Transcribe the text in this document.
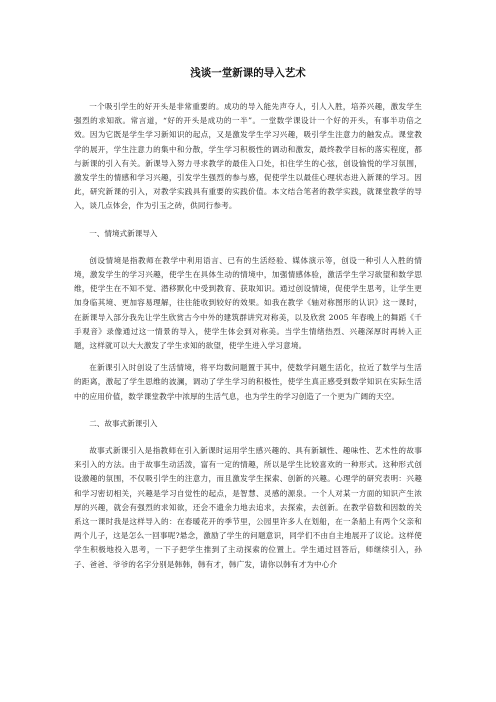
浅谈一堂新课的导入艺术

一个吸引学生的好开头是非常重要的。成功的导入能先声夺人，引人入胜，培养兴趣，激发学生强烈的求知欲。常言道，“好的开头是成功的一半”。一堂数学课设计一个好的开头，有事半功倍之效。因为它既是学生学习新知识的起点，又是激发学生学习兴趣，吸引学生注意力的触发点。课堂教学的展开，学生注意力的集中和分散，学生学习积极性的调动和激发，最终教学目标的落实程度，都与新课的引入有关。新课导入努力寻求教学的最佳入口处，扣住学生的心弦，创设愉悦的学习氛围，激发学生的情感和学习兴趣，引发学生强烈的参与感，促使学生以最佳心理状态进入新课的学习。因此，研究新课的引入，对教学实践具有重要的实践价值。本文结合笔者的教学实践，就课堂教学的导入，谈几点体会，作为引玉之砖，供同行参考。

一、情境式新课导入

创设情境是指教师在教学中利用语言、已有的生活经验、媒体演示等，创设一种引人入胜的情境，激发学生的学习兴趣，使学生在具体生动的情境中，加强情感体验，激活学生学习欲望和数学思维，使学生在不知不觉、潜移默化中受到教育、获取知识。通过创设情境，促使学生思考，让学生更加身临其境、更加容易理解，往往能收到较好的效果。如我在教学《轴对称图形的认识》这一课时，在新课导入部分我先让学生欣赏古今中外的建筑群讲究对称美，以及欣赏 2005 年春晚上的舞蹈《千手观音》录像通过这一情景的导入，使学生体会到对称美。当学生情绪热烈、兴趣深厚时再转入正题，这样就可以大大激发了学生求知的欲望，使学生进入学习意境。

在新课引入时创设了生活情境，将平均数问题置于其中，使数学问题生活化，拉近了数学与生活的距离，激起了学生思维的波澜，调动了学生学习的积极性，使学生真正感受到数学知识在实际生活中的应用价值，数学课堂教学中浓厚的生活气息，也为学生的学习创造了一个更为广阔的天空。

二、故事式新课引入

故事式新课引入是指教师在引入新课时运用学生感兴趣的、具有新颖性、趣味性、艺术性的故事来引入的方法。由于故事生动活泼，富有一定的情趣，所以是学生比较喜欢的一种形式。这种形式创设激趣的氛围，不仅吸引学生的注意力，而且激发学生探索、创新的兴趣。心理学的研究表明：兴趣和学习密切相关，兴趣是学习自觉性的起点，是智慧、灵感的源泉。一个人对某一方面的知识产生浓厚的兴趣，就会有强烈的求知欲，还会不遗余力地去追求，去探索，去创新。在教学倍数和因数的关系这一课时我是这样导入的：在春暖花开的季节里，公园里许多人在划船，在一条船上有两个父亲和两个儿子，这是怎么一回事呢?悬念，激励了学生的问题意识，同学们不由自主地展开了议论。这样使学生积极地投入思考，一下子把学生推到了主动探索的位置上。学生通过回答后，师继续引入，孙子、爸爸、爷爷的名字分别是韩韩，韩有才，韩广发，请你以韩有才为中心介
